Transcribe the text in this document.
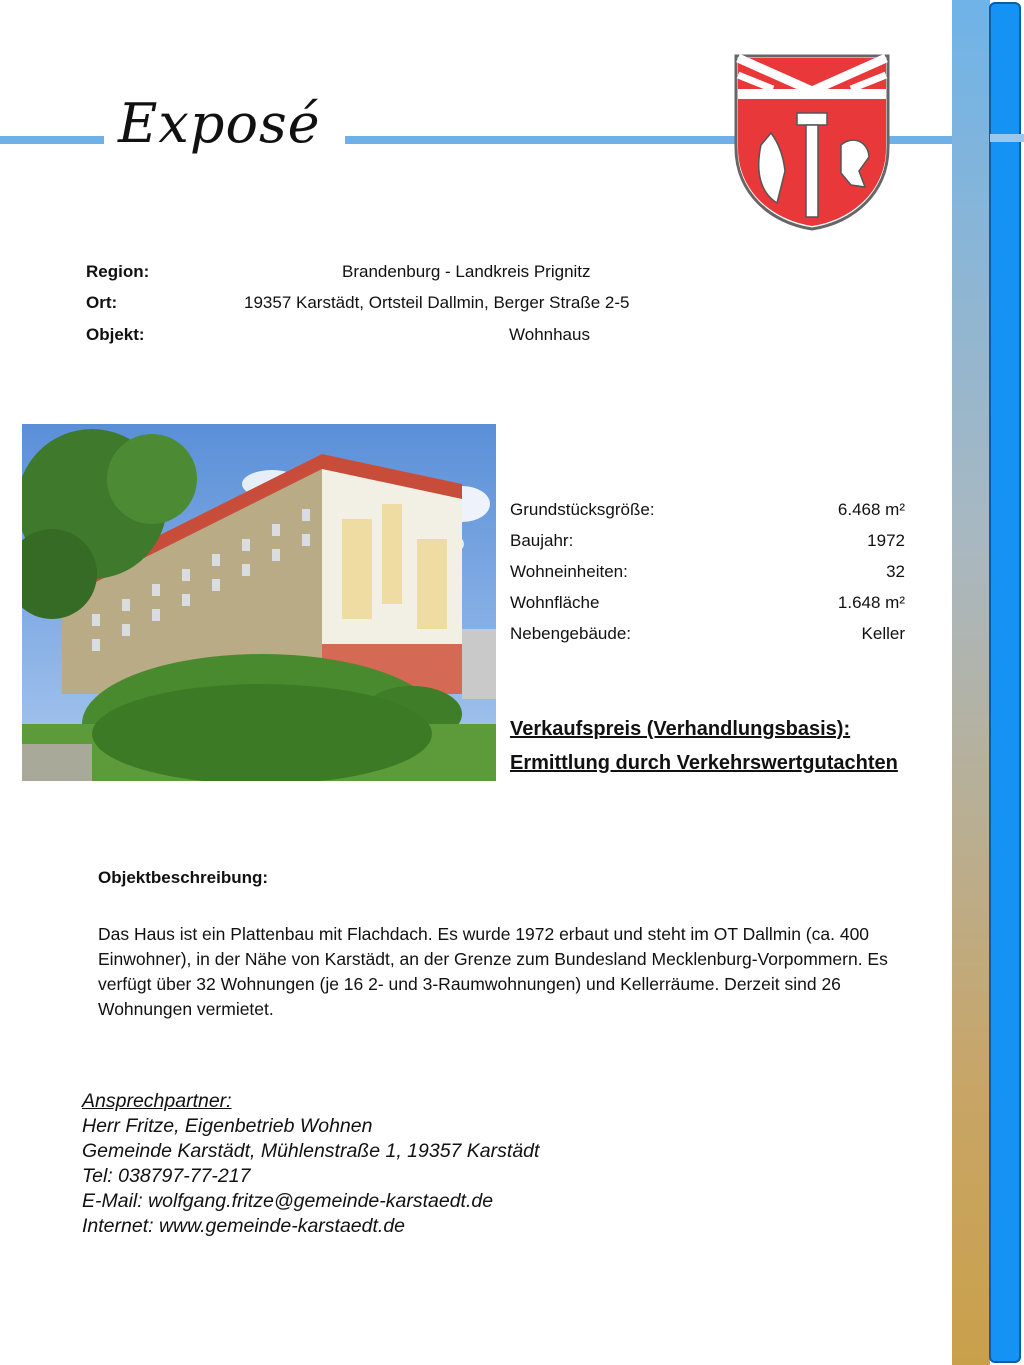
Exposé
Region:	Brandenburg - Landkreis Prignitz
Ort:	19357 Karstädt, Ortsteil Dallmin, Berger Straße 2-5
Objekt:	Wohnhaus
Grundstücksgröße:	6.468 m²
Baujahr:	1972
Wohneinheiten:	32
Wohnfläche	1.648 m²
Nebengebäude:	Keller
Verkaufspreis (Verhandlungsbasis):
Ermittlung durch Verkehrswertgutachten
Objektbeschreibung:
Das Haus ist ein Plattenbau mit Flachdach. Es wurde 1972 erbaut und steht im OT Dallmin (ca. 400
Einwohner), in der Nähe von Karstädt, an der Grenze zum Bundesland Mecklenburg-Vorpommern. Es
verfügt über 32 Wohnungen (je 16 2- und 3-Raumwohnungen) und Kellerräume. Derzeit sind 26
Wohnungen vermietet.
Ansprechpartner:
Herr Fritze, Eigenbetrieb Wohnen
Gemeinde Karstädt, Mühlenstraße 1, 19357 Karstädt
Tel: 038797-77-217
E-Mail: wolfgang.fritze@gemeinde-karstaedt.de
Internet: www.gemeinde-karstaedt.de
